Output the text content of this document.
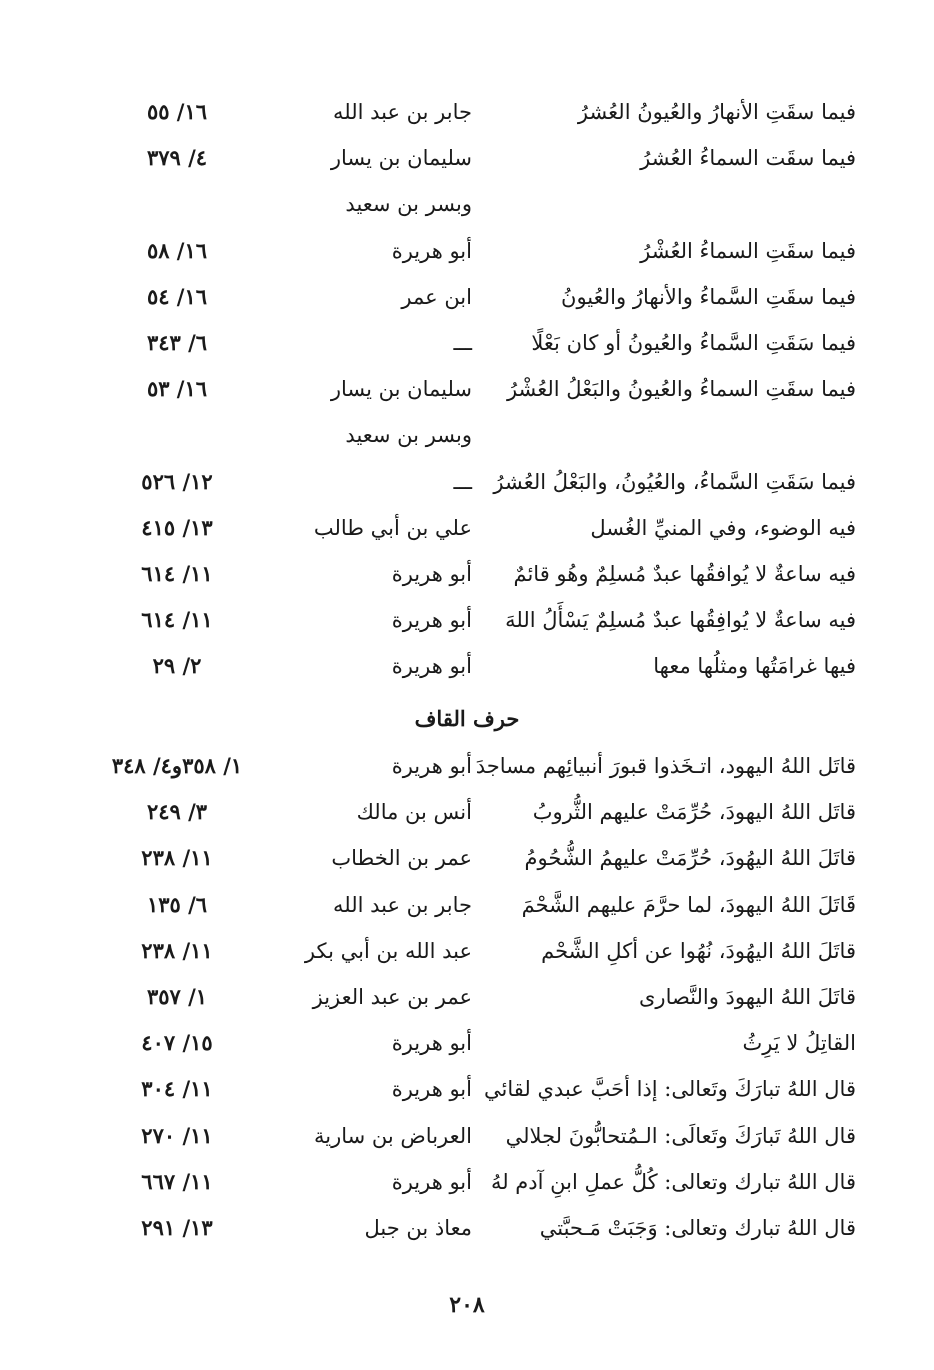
فيما سقَتِ الأنهارُ والعُيونُ العُشرُ
جابر بن عبد الله
١٦/ ٥٥
فيما سقَت السماءُ العُشرُ
سليمان بن يسار
٤/ ٣٧٩
وبسر بن سعيد
فيما سقَتِ السماءُ العُشْرُ
أبو هريرة
١٦/ ٥٨
فيما سقَتِ السَّماءُ والأنهارُ والعُيونُ
ابن عمر
١٦/ ٥٤
فيما سَقَتِ السَّماءُ والعُيونُ أو كان بَعْلًا
ـــ
٦/ ٣٤٣
فيما سقَتِ السماءُ والعُيونُ والبَعْلُ العُشْرُ
سليمان بن يسار
١٦/ ٥٣
وبسر بن سعيد
فيما سَقَتِ السَّماءُ، والعُيُونُ، والبَعْلُ العُشرُ
ـــ
١٢/ ٥٢٦
فيه الوضوء، وفي المنيِّ الغُسل
علي بن أبي طالب
١٣/ ٤١٥
فيه ساعةٌ لا يُوافقُها عبدٌ مُسلِمٌ وهُو قائمٌ
أبو هريرة
١١/ ٦١٤
فيه ساعةٌ لا يُوافِقُها عبدٌ مُسلِمٌ يَسْأَلُ اللهَ
أبو هريرة
١١/ ٦١٤
فيها غرامَتُها ومثلُها معها
أبو هريرة
٢/ ٢٩
قاتَل اللهُ اليهود، اتـخَذوا قبورَ أنبيائِهم مساجدَ
أبو هريرة
١/ ٣٥٨و٤/ ٣٤٨
قاتَل اللهُ اليهودَ، حُرِّمَتْ عليهم الثُّروبُ
أنس بن مالك
٣/ ٢٤٩
قاتَلَ اللهُ اليهُودَ، حُرِّمَتْ عليهمُ الشُّحُومُ
عمر بن الخطاب
١١/ ٢٣٨
قَاتَلَ اللهُ اليهودَ، لما حرَّمَ عليهم الشَّحْمَ
جابر بن عبد الله
٦/ ١٣٥
قاتَلَ اللهُ اليهُودَ، نُهُوا عن أكلِ الشَّحْم
عبد الله بن أبي بكر
١١/ ٢٣٨
قاتَلَ اللهُ اليهودَ والنَّصارى
عمر بن عبد العزيز
١/ ٣٥٧
القاتِلُ لا يَرِثُ
أبو هريرة
١٥/ ٤٠٧
قال اللهُ تبارَكَ وتَعالى: إذا أحَبَّ عبدي لقائي
أبو هريرة
١١/ ٣٠٤
قال اللهُ تَبارَكَ وتَعالَى: الـمُتحابُّونَ لجلالي
العرباض بن سارية
١١/ ٢٧٠
قال اللهُ تبارك وتعالى: كُلُّ عملِ ابنِ آدم لهُ
أبو هريرة
١١/ ٦٦٧
قال اللهُ تبارك وتعالى: وَجَبَتْ مَـحبَّتي
معاذ بن جبل
١٣/ ٢٩١
حرف القاف
٢٠٨
